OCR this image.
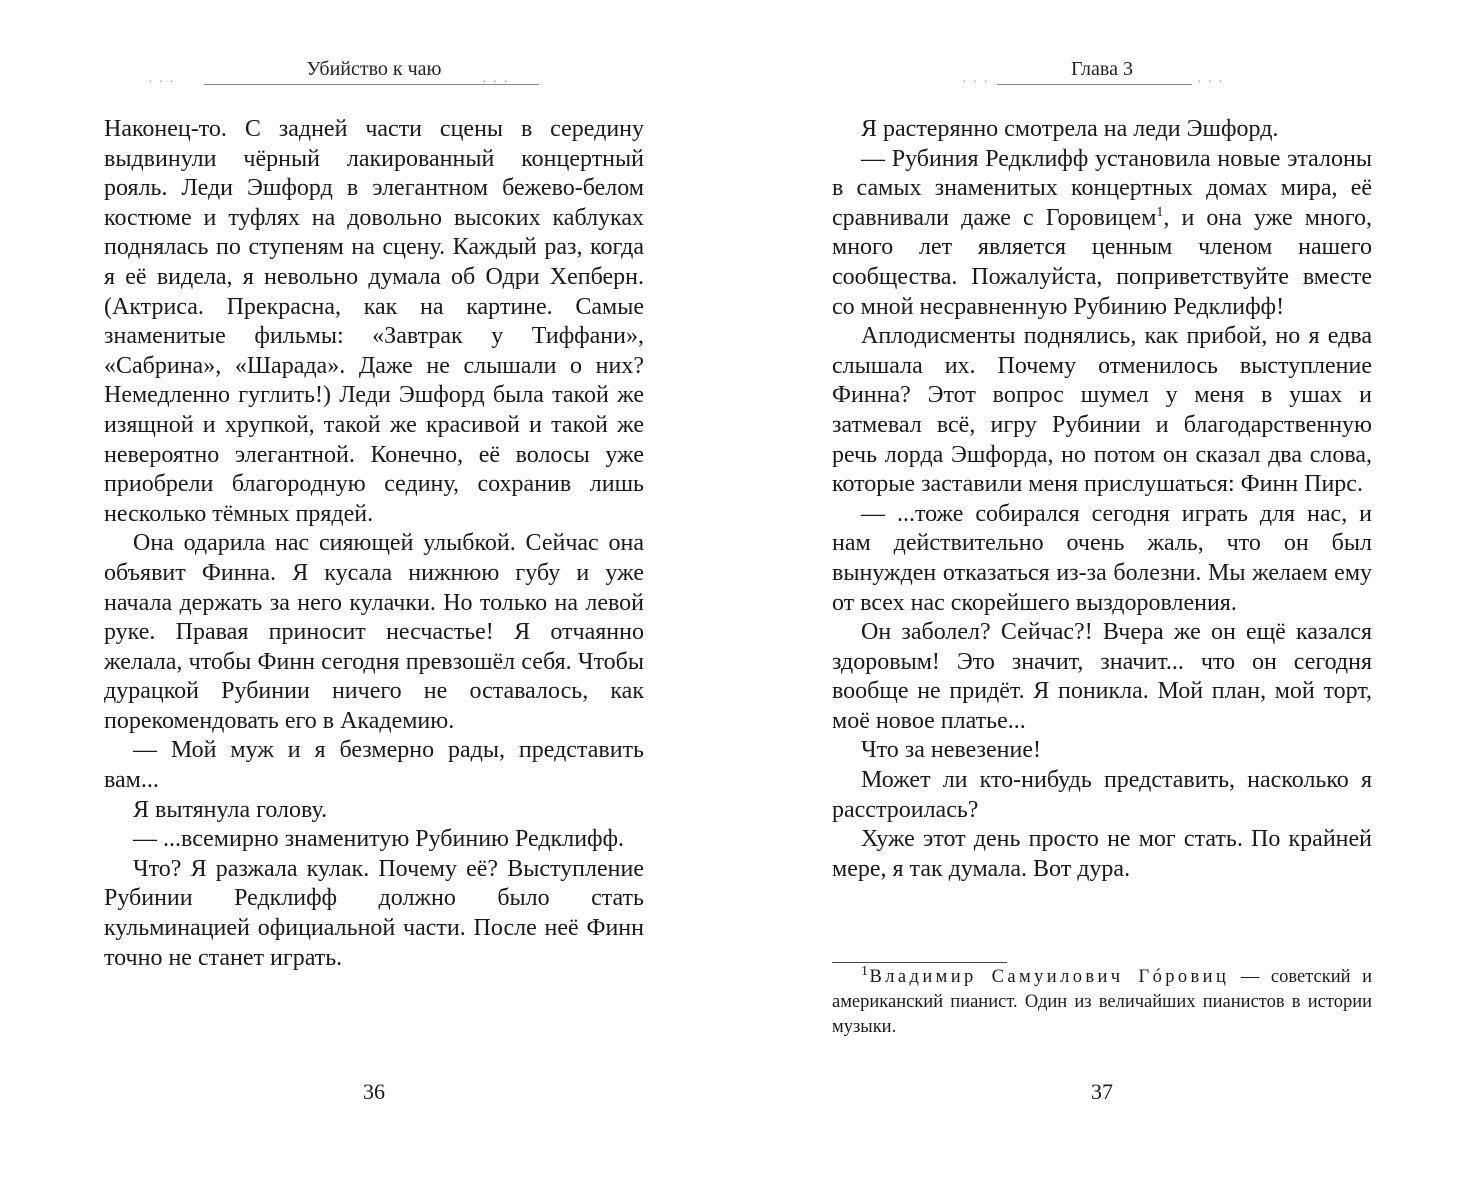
···	···
Убийство к чаю

Наконец-то. С задней части сцены в середину выдвинули чёрный лакированный концертный рояль. Леди Эшфорд в элегантном бежево-белом костюме и туфлях на довольно высоких каблуках поднялась по ступеням на сцену. Каждый раз, когда я её видела, я невольно думала об Одри Хепберн. (Актриса. Прекрасна, как на картине. Самые знаменитые фильмы: «Завтрак у Тиффани», «Сабрина», «Шарада». Даже не слышали о них? Немедленно гуглить!) Леди Эшфорд была такой же изящной и хрупкой, такой же красивой и такой же невероятно элегантной. Конечно, её волосы уже приобрели благородную седину, сохранив лишь несколько тёмных прядей.

Она одарила нас сияющей улыбкой. Сейчас она объявит Финна. Я кусала нижнюю губу и уже начала держать за него кулачки. Но только на левой руке. Правая приносит несчастье! Я отчаянно желала, чтобы Финн сегодня превзошёл себя. Чтобы дурацкой Рубинии ничего не оставалось, как порекомендовать его в Академию.

— Мой муж и я безмерно рады, представить вам...

Я вытянула голову.

— ...всемирно знаменитую Рубинию Редклифф.

Что? Я разжала кулак. Почему её? Выступление Рубинии Редклифф должно было стать кульминацией официальной части. После неё Финн точно не станет играть.

36
···	···
Глава 3

Я растерянно смотрела на леди Эшфорд.

— Рубиния Редклифф установила новые эталоны в самых знаменитых концертных домах мира, её сравнивали даже с Горовицем$^1$, и она уже много, много лет является ценным членом нашего сообщества. Пожалуйста, поприветствуйте вместе со мной несравненную Рубинию Редклифф!

Аплодисменты поднялись, как прибой, но я едва слышала их. Почему отменилось выступление Финна? Этот вопрос шумел у меня в ушах и затмевал всё, игру Рубинии и благодарственную речь лорда Эшфорда, но потом он сказал два слова, которые заставили меня прислушаться: Финн Пирс.

— ...тоже собирался сегодня играть для нас, и нам действительно очень жаль, что он был вынужден отказаться из-за болезни. Мы желаем ему от всех нас скорейшего выздоровления.

Он заболел? Сейчас?! Вчера же он ещё казался здоровым! Это значит, значит... что он сегодня вообще не придёт. Я поникла. Мой план, мой торт, моё новое платье...

Что за невезение!

Может ли кто-нибудь представить, насколько я расстроилась?

Хуже этот день просто не мог стать. По крайней мере, я так думала. Вот дура.

$^1$ Владимир Самуилович Гóровиц — советский и американский пианист. Один из величайших пианистов в истории музыки.

37
